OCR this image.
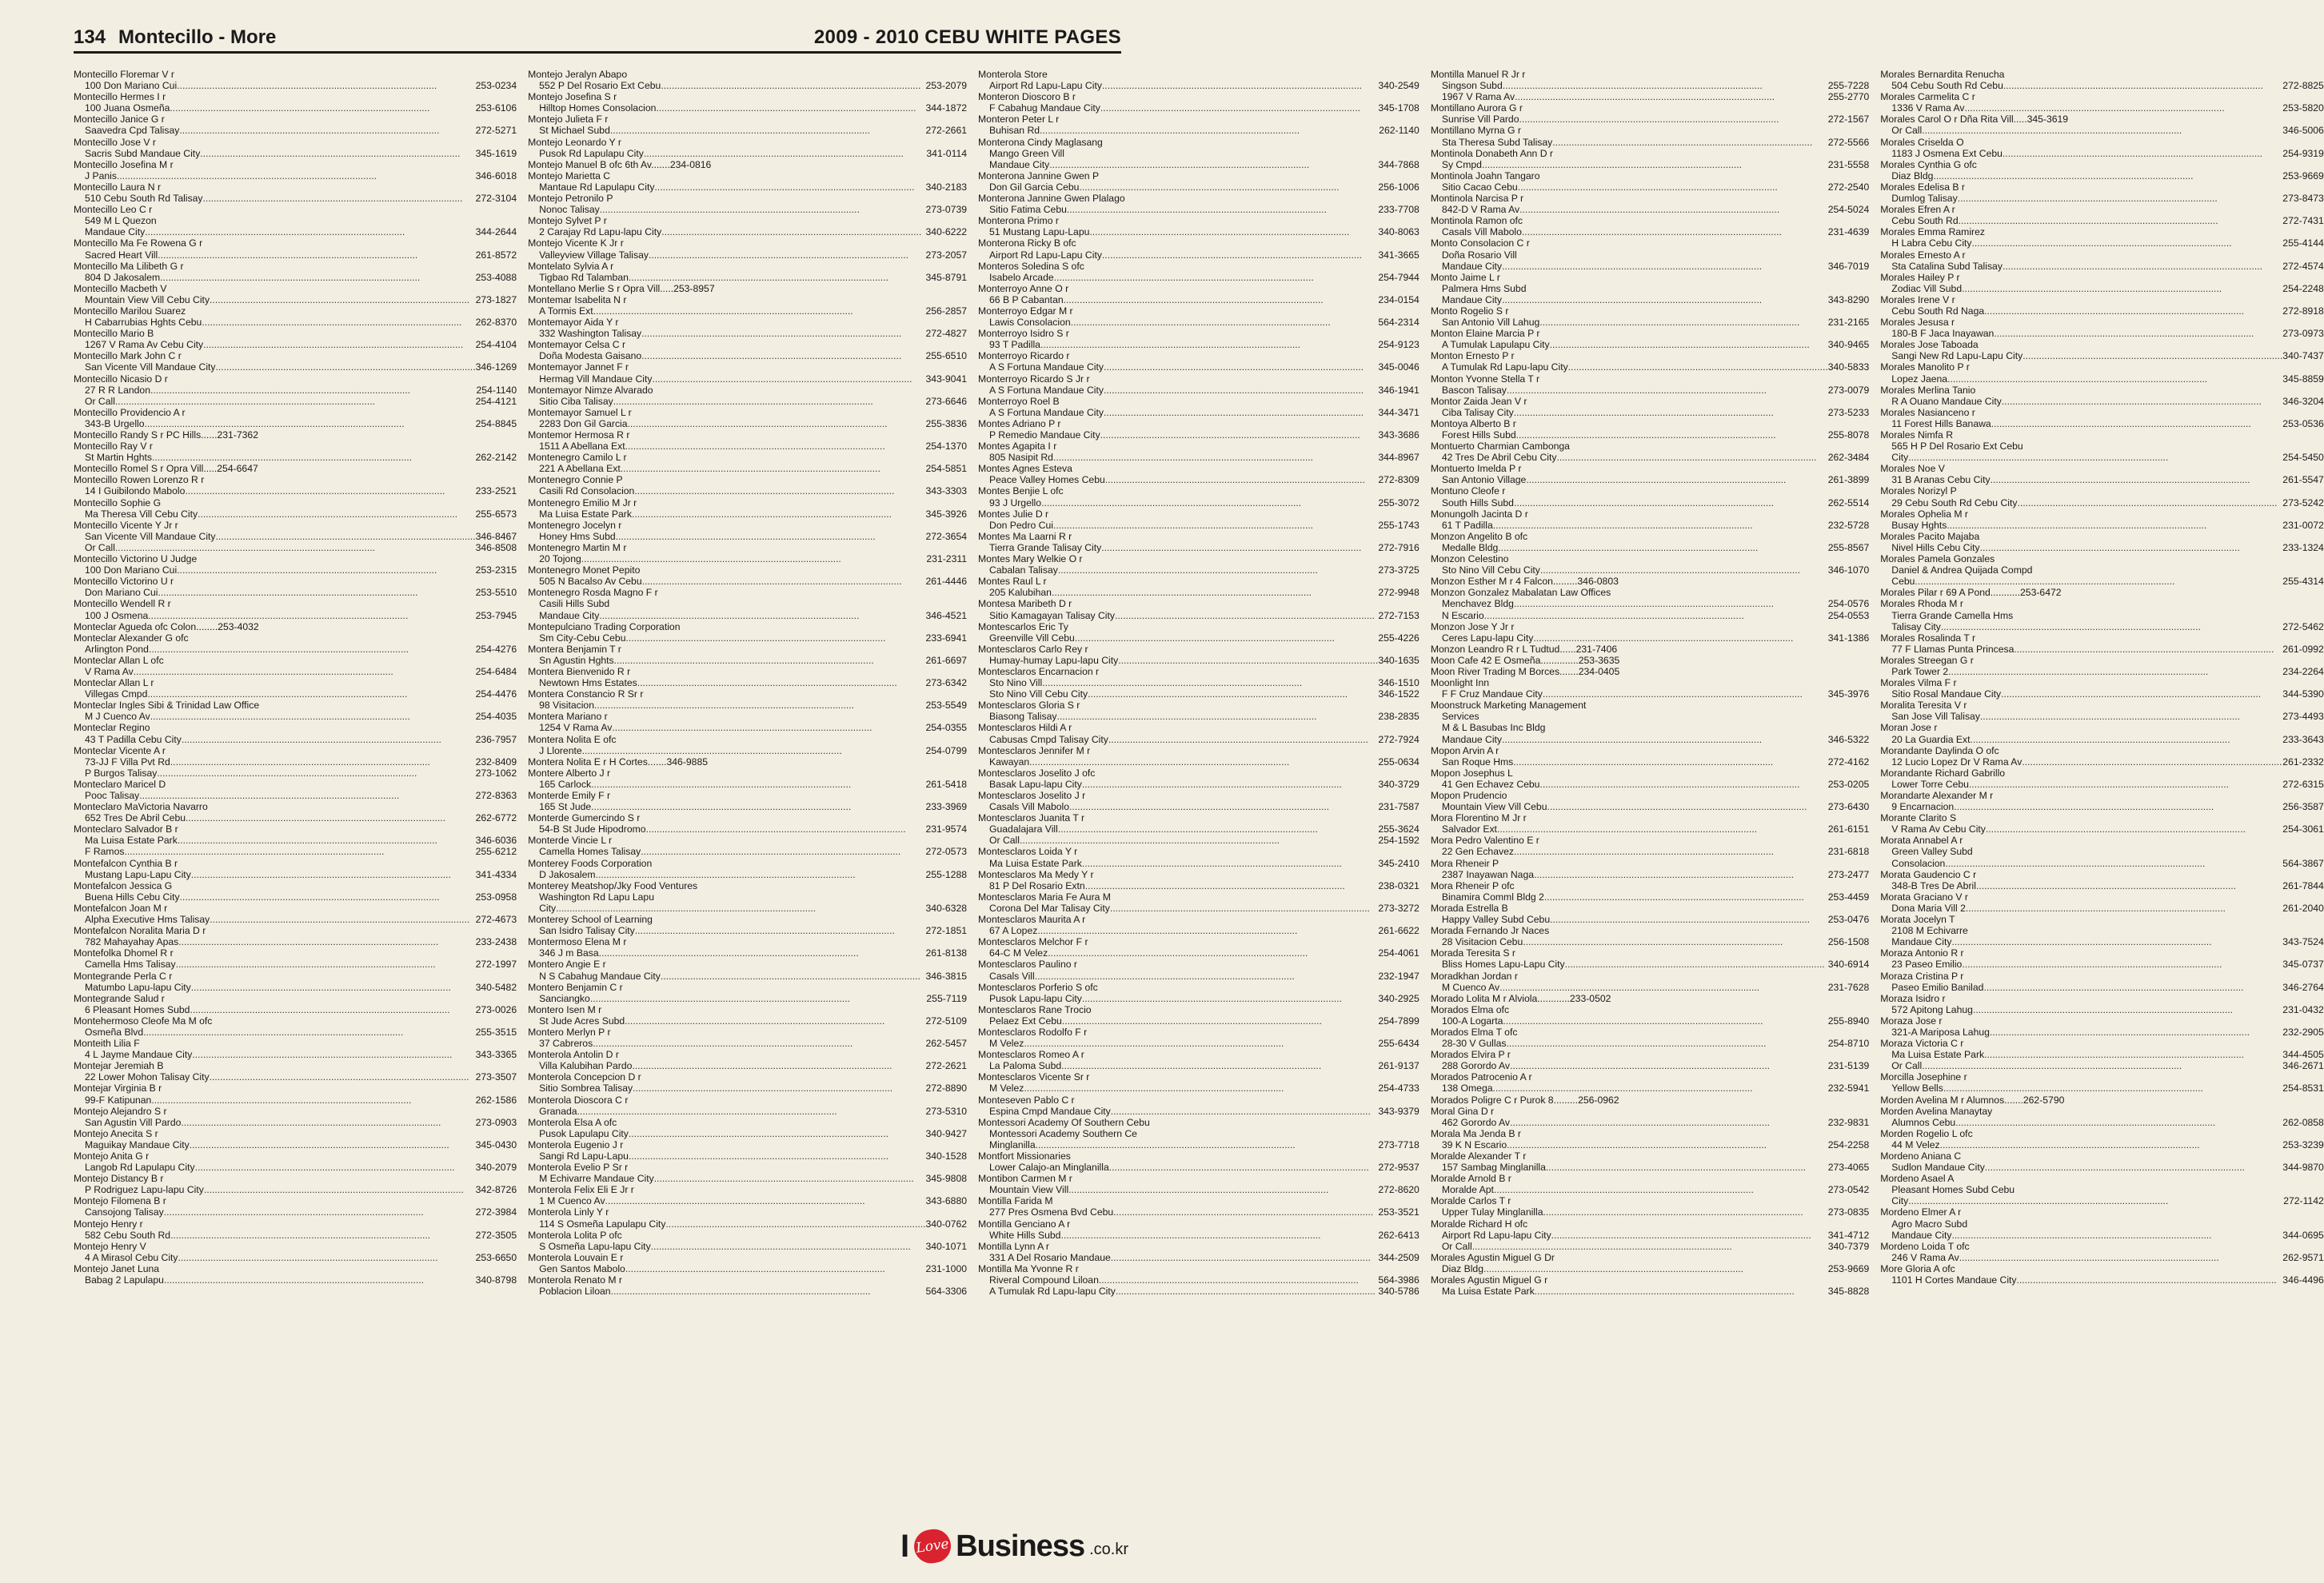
134 Montecillo - More	2009 - 2010 CEBU WHITE PAGES
Montecillo Floremar V r
100 Don Mariano Cui .....	253-0234
Montecillo Hermes I r
100 Juana Osmeña .....	253-6106
Montecillo Janice G r
Saavedra Cpd Talisay .....	272-5271
Montecillo Jose V r
Sacris Subd Mandaue City .....	345-1619
Montecillo Josefina M r
J Panis .....	346-6018
Montecillo Laura N r
510 Cebu South Rd Talisay .....	272-3104
Montecillo Leo C r
549 M L Quezon
Mandaue City .....	344-2644
Montecillo Ma Fe Rowena G r
Sacred Heart Vill .....	261-8572
Montecillo Ma Lilibeth G r
804 D Jakosalem .....	253-4088
Montecillo Macbeth V
Mountain View Vill Cebu City .....	273-1827
Montecillo Marilou Suarez
H Cabarrubias Hghts Cebu .....	262-8370
Montecillo Mario B
1267 V Rama Av Cebu City .....	254-4104
Montecillo Mark John C r
San Vicente Vill Mandaue City .....	346-1269
Montecillo Nicasio D r
27 R R Landon .....	254-1140
Or Call .....	254-4121
Montecillo Providencio A r
343-B Urgello .....	254-8845
Montecillo Randy S r PC Hills......231-7362
Montecillo Ray V r
St Martin Hghts .....	262-2142
Montecillo Romel S r Opra Vill.....254-6647
Montecillo Rowen Lorenzo R r
14 I Guibilondo Mabolo .....	233-2521
Montecillo Sophie G
Ma Theresa Vill Cebu City .....	255-6573
Montecillo Vicente Y Jr r
San Vicente Vill Mandaue City .....	346-8467
Or Call .....	346-8508
Montecillo Victorino U Judge
100 Don Mariano Cui .....	253-2315
Montecillo Victorino U r
Don Mariano Cui .....	253-5510
Montecillo Wendell R r
100 J Osmena .....	253-7945
Monteclar Agueda ofc Colon........253-4032
Monteclar Alexander G ofc
Arlington Pond .....	254-4276
Monteclar Allan L ofc
V Rama Av .....	254-6484
Monteclar Allan L r
Villegas Cmpd .....	254-4476
Monteclar Ingles Sibi & Trinidad Law Office
M J Cuenco Av .....	254-4035
Monteclar Regino
43 T Padilla Cebu City .....	236-7957
Monteclar Vicente A r
73-JJ F Villa Pvt Rd .....	232-8409
P Burgos Talisay .....	273-1062
Monteclaro Maricel D
Pooc Talisay .....	272-8363
Monteclaro MaVictoria Navarro
652 Tres De Abril Cebu .....	262-6772
Monteclaro Salvador B r
Ma Luisa Estate Park .....	346-6036
F Ramos .....	255-6212
Montefalcon Cynthia B r
Mustang Lapu-Lapu City .....	341-4334
Montefalcon Jessica G
Buena Hills Cebu City .....	253-0958
Montefalcon Joan M r
Alpha Executive Hms Talisay .....	272-4673
Montefalcon Noralita Maria D r
782 Mahayahay Apas .....	233-2438
Montefolka Dhomel R r
Camella Hms Talisay .....	272-1997
Montegrande Perla C r
Matumbo Lapu-lapu City .....	340-5482
Montegrande Salud r
6 Pleasant Homes Subd .....	273-0026
Montehermoso Cleofe Ma M ofc
Osmeña Blvd .....	255-3515
Monteith Lilia F
4 L Jayme Mandaue City .....	343-3365
Montejar Jeremiah B
22 Lower Mohon Talisay City .....	273-3507
Montejar Virginia B r
99-F Katipunan .....	262-1586
Montejo Alejandro S r
San Agustin Vill Pardo .....	273-0903
Montejo Anecita S r
Maguikay Mandaue City .....	345-0430
Montejo Anita G r
Langob Rd Lapulapu City .....	340-2079
Montejo Distancy B r
P Rodriguez Lapu-lapu City .....	342-8726
Montejo Filomena B r
Cansojong Talisay .....	272-3984
Montejo Henry r
582 Cebu South Rd .....	272-3505
Montejo Henry V
4 A Mirasol Cebu City .....	253-6650
Montejo Janet Luna
Babag 2 Lapulapu .....	340-8798
Montejo Jeralyn Abapo
552 P Del Rosario Ext Cebu .....	253-2079
Montejo Josefina S r
Hilltop Homes Consolacion .....	344-1872
Montejo Julieta F r
St Michael Subd .....	272-2661
Montejo Leonardo Y r
Pusok Rd Lapulapu City .....	341-0114
Montejo Manuel B ofc 6th Av.......234-0816
Montejo Marietta C
Mantaue Rd Lapulapu City .....	340-2183
Montejo Petronilo P
Nonoc Talisay .....	273-0739
Montejo Sylvet P r
2 Carajay Rd Lapu-lapu City .....	340-6222
Montejo Vicente K Jr r
Valleyview Village Talisay .....	273-2057
Montelato Sylvia A r
Tigbao Rd Talamban .....	345-8791
Montellano Merlie S r Opra Vill.....253-8957
Montemar Isabelita N r
A Tormis Ext .....	256-2857
Montemayor Aida Y r
332 Washington Talisay .....	272-4827
Montemayor Celsa C r
Doña Modesta Gaisano .....	255-6510
Montemayor Jannet F r
Hermag Vill Mandaue City .....	343-9041
Montemayor Nimze Alvarado
Sitio Ciba Talisay .....	273-6646
Montemayor Samuel L r
2283 Don Gil Garcia .....	255-3836
Montemor Hermosa R r
1511 A Abellana Ext .....	254-1370
Montenegro Camilo L r
221 A Abellana Ext .....	254-5851
Montenegro Connie P
Casili Rd Consolacion .....	343-3303
Montenegro Emilio M Jr r
Ma Luisa Estate Park .....	345-3926
Montenegro Jocelyn r
Honey Hms Subd .....	272-3654
Montenegro Martin M r
20 Tojong .....	231-2311
Montenegro Monet Pepito
505 N Bacalso Av Cebu .....	261-4446
Montenegro Rosda Magno F r
Casili Hills Subd
Mandaue City .....	346-4521
Montepulciano Trading Corporation
Sm City-Cebu Cebu .....	233-6941
Montera Benjamin T r
Sn Agustin Hghts .....	261-6697
Montera Bienvenido R r
Newtown Hms Estates .....	273-6342
Montera Constancio R Sr r
98 Visitacion .....	253-5549
Montera Mariano r
1254 V Rama Av .....	254-0355
Montera Nolita E ofc
J Llorente .....	254-0799
Montera Nolita E r H Cortes.......346-9885
Montere Alberto J r
165 Carlock .....	261-5418
Monterde Emily F r
165 St Jude .....	233-3969
Monterde Gumercindo S r
54-B St Jude Hipodromo .....	231-9574
Monterde Vincie L r
Camella Homes Talisay .....	272-0573
Monterey Foods Corporation
D Jakosalem .....	255-1288
Monterey Meatshop/Jky Food Ventures
Washington Rd Lapu Lapu
City .....	340-6328
Monterey School of Learning
San Isidro Talisay City .....	272-1851
Montermoso Elena M r
346 J m Basa .....	261-8138
Montero Angie E r
N S Cabahug Mandaue City .....	346-3815
Montero Benjamin C r
Sanciangko .....	255-7119
Montero Isen M r
St Jude Acres Subd .....	272-5109
Montero Merlyn P r
37 Cabreros .....	262-5457
Monterola Antolin D r
Villa Kalubihan Pardo .....	272-2621
Monterola Concepcion D r
Sitio Sombrea Talisay .....	272-8890
Monterola Dioscora C r
Granada .....	273-5310
Monterola Elsa A ofc
Pusok Lapulapu City .....	340-9427
Monterola Eugenio J r
Sangi Rd Lapu-Lapu .....	340-1528
Monterola Evelio P Sr r
M Echivarre Mandaue City .....	345-9808
Monterola Felix Eli E Jr r
1 M Cuenco Av .....	343-6880
Monterola Linly Y r
114 S Osmeña Lapulapu City .....	340-0762
Monterola Lolita P ofc
S Osmeña Lapu-lapu City .....	340-1071
Monterola Louvain E r
Gen Santos Mabolo .....	231-1000
Monterola Renato M r
Poblacion Liloan .....	564-3306
Monterola Store
Airport Rd Lapu-Lapu City .....	340-2549
Monteron Dioscoro B r
F Cabahug Mandaue City .....	345-1708
Monteron Peter L r
Buhisan Rd .....	262-1140
Monterona Cindy Maglasang
Mango Green Vill
Mandaue City .....	344-7868
Monterona Jannine Gwen P
Don Gil Garcia Cebu .....	256-1006
Monterona Jannine Gwen Plalago
Sitio Fatima Cebu .....	233-7708
Monterona Primo r
51 Mustang Lapu-Lapu .....	340-8063
Monterona Ricky B ofc
Airport Rd Lapu-Lapu City .....	341-3665
Monteros Soledina S ofc
Isabelo Arcade .....	254-7944
Monterroyo Anne O r
66 B P Cabantan .....	234-0154
Monterroyo Edgar M r
Lawis Consolacion .....	564-2314
Monterroyo Isidro S r
93 T Padilla .....	254-9123
Monterroyo Ricardo r
A S Fortuna Mandaue City .....	345-0046
Monterroyo Ricardo S Jr r
A S Fortuna Mandaue City .....	346-1941
Monterroyo Roel B
A S Fortuna Mandaue City .....	344-3471
Montes Adriano P r
P Remedio Mandaue City .....	343-3686
Montes Agapita I r
805 Nasipit Rd .....	344-8967
Montes Agnes Esteva
Peace Valley Homes Cebu .....	272-8309
Montes Benjie L ofc
93 J Urgello .....	255-3072
Montes Julie D r
Don Pedro Cui .....	255-1743
Montes Ma Laarni R r
Tierra Grande Talisay City .....	272-7916
Montes Mary Welkie O r
Cabalan Talisay .....	273-3725
Montes Raul L r
205 Kalubihan .....	272-9948
Montesa Maribeth D r
Sitio Kamagayan Talisay City .....	272-7153
Montescarlos Eric Ty
Greenville Vill Cebu .....	255-4226
Montesclaros Carlo Rey r
Humay-humay Lapu-lapu City .....	340-1635
Montesclaros Encarnacion r
Sto Nino Vill .....	346-1510
Sto Nino Vill Cebu City .....	346-1522
Montesclaros Gloria S r
Biasong Talisay .....	238-2835
Montesclaros Hildi A r
Cabusas Cmpd Talisay City .....	272-7924
Montesclaros Jennifer M r
Kawayan .....	255-0634
Montesclaros Joselito J ofc
Basak Lapu-lapu City .....	340-3729
Montesclaros Joselito J r
Casals Vill Mabolo .....	231-7587
Montesclaros Juanita T r
Guadalajara Vill .....	255-3624
Or Call .....	254-1592
Montesclaros Loida Y r
Ma Luisa Estate Park .....	345-2410
Montesclaros Ma Medy Y r
81 P Del Rosario Extn .....	238-0321
Montesclaros Maria Fe Aura M
Corona Del Mar Talisay City .....	273-3272
Montesclaros Maurita A r
67 A Lopez .....	261-6622
Montesclaros Melchor F r
64-C M Velez .....	254-4061
Montesclaros Paulino r
Casals Vill .....	232-1947
Montesclaros Porferio S ofc
Pusok Lapu-lapu City .....	340-2925
Montesclaros Rane Trocio
Pelaez Ext Cebu .....	254-7899
Montesclaros Rodolfo F r
M Velez .....	255-6434
Montesclaros Romeo A r
La Paloma Subd .....	261-9137
Montesclaros Vicente Sr r
M Velez .....	254-4733
Monteseven Pablo C r
Espina Cmpd Mandaue City .....	343-9379
Montessori Academy Of Southern Cebu
Montessori Academy Southern Ce
Minglanilla .....	273-7718
Montfort Missionaries
Lower Calajo-an Minglanilla .....	272-9537
Montibon Carmen M r
Mountain View Vill .....	272-8620
Montilla Farida M
277 Pres Osmena Bvd Cebu .....	253-3521
Montilla Genciano A r
White Hills Subd .....	262-6413
Montilla Lynn A r
331 A Del Rosario Mandaue .....	344-2509
Montilla Ma Yvonne R r
Riveral Compound Liloan .....	564-3986
A Tumulak Rd Lapu-lapu City .....	340-5786
Montilla Manuel R Jr r
Singson Subd .....	255-7228
1967 V Rama Av .....	255-2770
Montillano Aurora G r
Sunrise Vill Pardo .....	272-1567
Montillano Myrna G r
Sta Theresa Subd Talisay .....	272-5566
Montinola Donabeth Ann D r
Sy Cmpd .....	231-5558
Montinola Joahn Tangaro
Sitio Cacao Cebu .....	272-2540
Montinola Narcisa P r
842-D V Rama Av .....	254-5024
Montinola Ramon ofc
Casals Vill Mabolo .....	231-4639
Monto Consolacion C r
Doña Rosario Vill
Mandaue City .....	346-7019
Monto Jaime L r
Palmera Hms Subd
Mandaue City .....	343-8290
Monto Rogelio S r
San Antonio Vill Lahug .....	231-2165
Monton Elaine Marcia P r
A Tumulak Lapulapu City .....	340-9465
Monton Ernesto P r
A Tumulak Rd Lapu-lapu City .....	340-5833
Monton Yvonne Stella T r
Bascon Talisay .....	273-0079
Montor Zaida Jean V r
Ciba Talisay City .....	273-5233
Montoya Alberto B r
Forest Hills Subd .....	255-8078
Montuerto Charmian Cambonga
42 Tres De Abril Cebu City .....	262-3484
Montuerto Imelda P r
San Antonio Village .....	261-3899
Montuno Cleofe r
South Hills Subd .....	262-5514
Monungolh Jacinta D r
61 T Padilla .....	232-5728
Monzon Angelito B ofc
Medalle Bldg .....	255-8567
Monzon Celestino
Sto Nino Vill Cebu City .....	346-1070
Monzon Esther M r 4 Falcon.........346-0803
Monzon Gonzalez Mabalatan Law Offices
Menchavez Bldg .....	254-0576
N Escario .....	254-0553
Monzon Jose Y Jr r
Ceres Lapu-lapu City .....	341-1386
Monzon Leandro R r L Tudtud......231-7406
Moon Cafe 42 E Osmeña..............253-3635
Moon River Trading M Borces.......234-0405
Moonlight Inn
F F Cruz Mandaue City .....	345-3976
Moonstruck Marketing Management
Services
M & L Basubas Inc Bldg
Mandaue City .....	346-5322
Mopon Arvin A r
San Roque Hms .....	272-4162
Mopon Josephus L
41 Gen Echavez Cebu .....	253-0205
Mopon Prudencio
Mountain View Vill Cebu .....	273-6430
Mora Florentino M Jr r
Salvador Ext .....	261-6151
Mora Pedro Valentino E r
22 Gen Echavez .....	231-6818
Mora Rheneir P
2387 Inayawan Naga .....	273-2477
Mora Rheneir P ofc
Binamira Comml Bldg 2 .....	253-4459
Morada Estrella B
Happy Valley Subd Cebu .....	253-0476
Morada Fernando Jr Naces
28 Visitacion Cebu .....	256-1508
Morada Teresita S r
Bliss Homes Lapu-Lapu City .....	340-6914
Moradkhan Jordan r
M Cuenco Av .....	231-7628
Morado Lolita M r Alviola............233-0502
Morados Elma ofc
100-A Logarta .....	255-8940
Morados Elma T ofc
28-30 V Gullas .....	254-8710
Morados Elvira P r
288 Gorordo Av .....	231-5139
Morados Patrocenio A r
138 Omega .....	232-5941
Morados Poligre C r Purok 8.........256-0962
Moral Gina D r
462 Gorordo Av .....	232-9831
Morala Ma Jenda B r
39 K N Escario .....	254-2258
Moralde Alexander T r
157 Sambag Minglanilla .....	273-4065
Moralde Arnold B r
Moralde Apt .....	273-0542
Moralde Carlos T r
Upper Tulay Minglanilla .....	273-0835
Moralde Richard H ofc
Airport Rd Lapu-lapu City .....	341-4712
Or Call .....	340-7379
Morales Agustin Miguel G Dr
Diaz Bldg .....	253-9669
Morales Agustin Miguel G r
Ma Luisa Estate Park .....	345-8828
Morales Bernardita Renucha
504 Cebu South Rd Cebu .....	272-8825
Morales Carmelita C r
1336 V Rama Av .....	253-5820
Morales Carol O r Dña Rita Vill.....345-3619
Or Call .....	346-5006
Morales Criselda O
1183 J Osmena Ext Cebu .....	254-9319
Morales Cynthia G ofc
Diaz Bldg .....	253-9669
Morales Edelisa B r
Dumlog Talisay .....	273-8473
Morales Efren A r
Cebu South Rd .....	272-7431
Morales Emma Ramirez
H Labra Cebu City .....	255-4144
Morales Ernesto A r
Sta Catalina Subd Talisay .....	272-4574
Morales Hailey P r
Zodiac Vill Subd .....	254-2248
Morales Irene V r
Cebu South Rd Naga .....	272-8918
Morales Jesusa r
180-B F Jaca Inayawan .....	273-0973
Morales Jose Taboada
Sangi New Rd Lapu-Lapu City .....	340-7437
Morales Manolito P r
Lopez Jaena .....	345-8859
Morales Merlina Tanio
R A Ouano Mandaue City .....	346-3204
Morales Nasianceno r
11 Forest Hills Banawa .....	253-0536
Morales Nimfa R
565 H P Del Rosario Ext Cebu
City .....	254-5450
Morales Noe V
31 B Aranas Cebu City .....	261-5547
Morales Norizyl P
29 Cebu South Rd Cebu City .....	273-5242
Morales Ophelia M r
Busay Hghts .....	231-0072
Morales Pacito Majaba
Nivel Hills Cebu City .....	233-1324
Morales Pamela Gonzales
Daniel & Andrea Quijada Compd
Cebu .....	255-4314
Morales Pilar r 69 A Pond...........253-6472
Morales Rhoda M r
Tierra Grande Camella Hms
Talisay City .....	272-5462
Morales Rosalinda T r
77 F Llamas Punta Princesa .....	261-0992
Morales Streegan G r
Park Tower 2 .....	234-2264
Morales Vilma F r
Sitio Rosal Mandaue City .....	344-5390
Moralita Teresita V r
San Jose Vill Talisay .....	273-4493
Moran Jose r
20 La Guardia Ext .....	233-3643
Morandante Daylinda O ofc
12 Lucio Lopez Dr V Rama Av .....	261-2332
Morandante Richard Gabrillo
Lower Torre Cebu .....	272-6315
Morandarte Alexander M r
9 Encarnacion .....	256-3587
Morante Clarito S
V Rama Av Cebu City .....	254-3061
Morata Annabel A r
Green Valley Subd
Consolacion .....	564-3867
Morata Gaudencio C r
348-B Tres De Abril .....	261-7844
Morata Graciano V r
Dona Maria Vill 2 .....	261-2040
Morata Jocelyn T
2108 M Echivarre
Mandaue City .....	343-7524
Moraza Antonio R r
23 Paseo Emilio .....	345-0737
Moraza Cristina P r
Paseo Emilio Banilad .....	346-2764
Moraza Isidro r
572 Apitong Lahug .....	231-0432
Moraza Jose r
321-A Mariposa Lahug .....	232-2905
Moraza Victoria C r
Ma Luisa Estate Park .....	344-4505
Or Call .....	346-2671
Morcilla Josephine r
Yellow Bells .....	254-8531
Morden Avelina M r Alumnos.......262-5790
Morden Avelina Manaytay
Alumnos Cebu .....	262-0858
Morden Rogelio L ofc
44 M Velez .....	253-3239
Mordeno Aniana C
Sudlon Mandaue City .....	344-9870
Mordeno Asael A
Pleasant Homes Subd Cebu
City .....	272-1142
Mordeno Elmer A r
Agro Macro Subd
Mandaue City .....	344-0695
Mordeno Loida T ofc
246 V Rama Av .....	262-9571
More Gloria A ofc
1101 H Cortes Mandaue City .....	346-4496
I Love Business .co.kr
